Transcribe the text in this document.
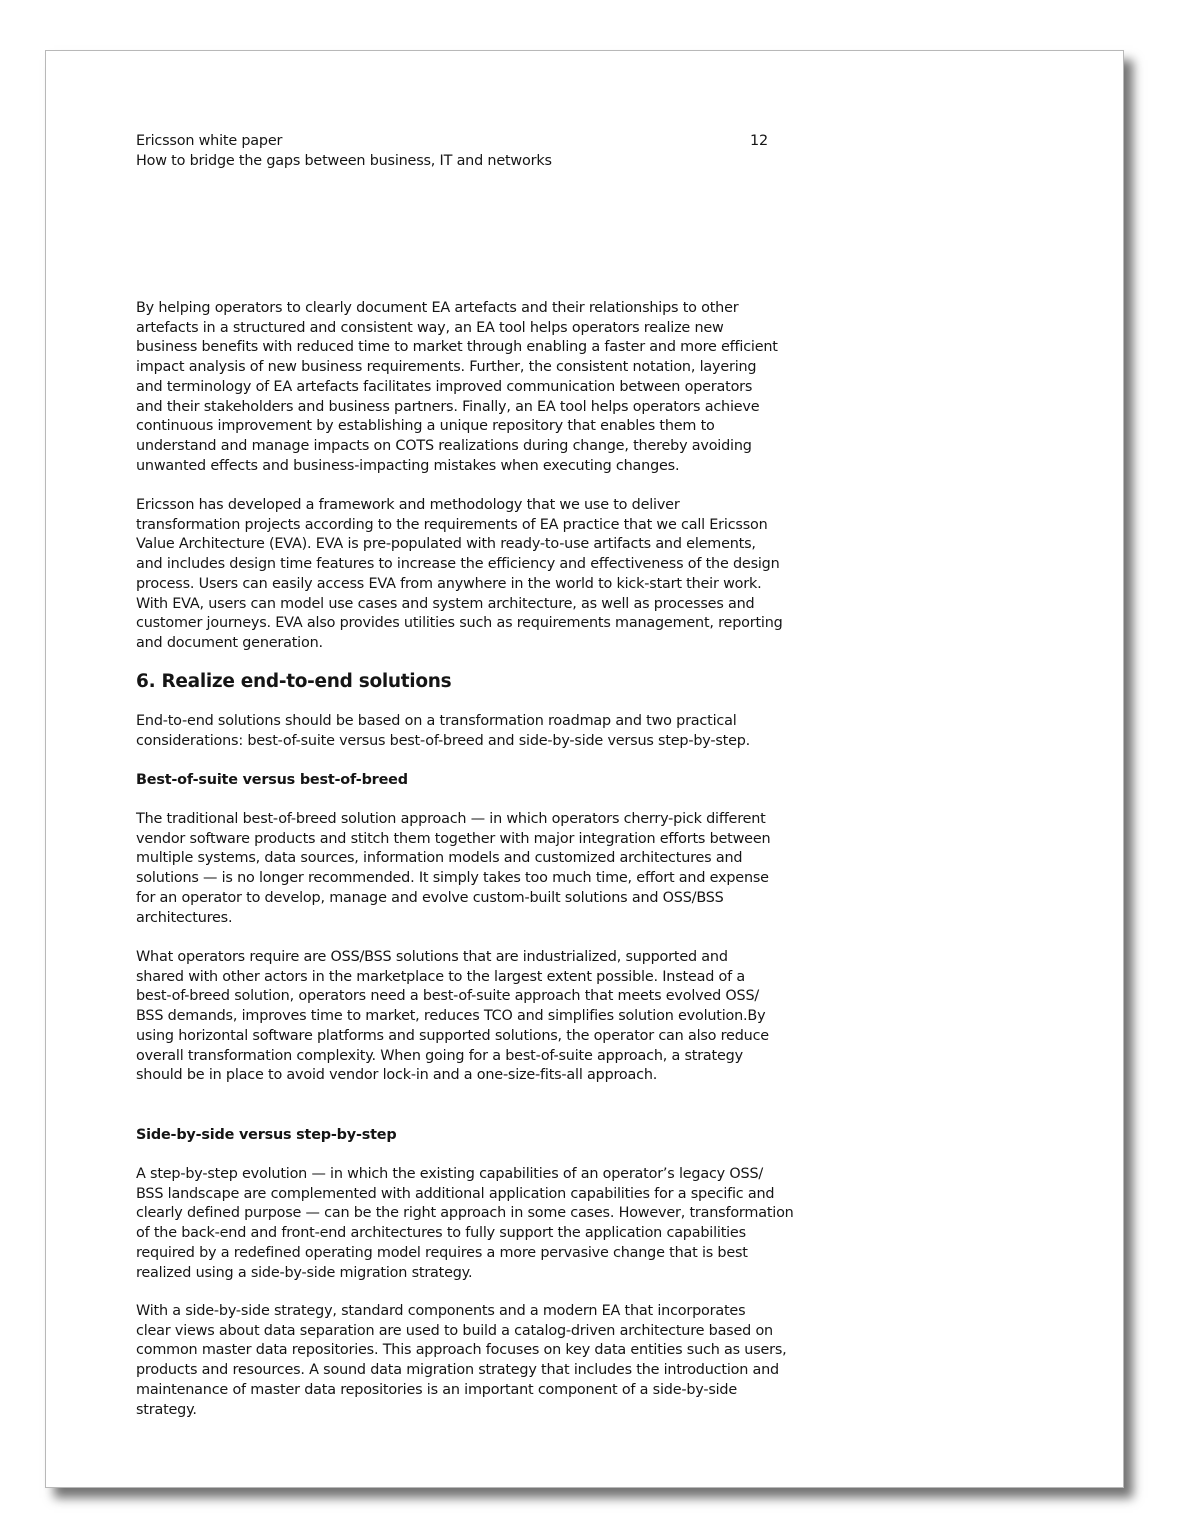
Ericsson white paper	12
How to bridge the gaps between business, IT and networks

By helping operators to clearly document EA artefacts and their relationships to other
artefacts in a structured and consistent way, an EA tool helps operators realize new
business benefits with reduced time to market through enabling a faster and more efficient
impact analysis of new business requirements. Further, the consistent notation, layering
and terminology of EA artefacts facilitates improved communication between operators
and their stakeholders and business partners. Finally, an EA tool helps operators achieve
continuous improvement by establishing a unique repository that enables them to
understand and manage impacts on COTS realizations during change, thereby avoiding
unwanted effects and business-impacting mistakes when executing changes.

Ericsson has developed a framework and methodology that we use to deliver
transformation projects according to the requirements of EA practice that we call Ericsson
Value Architecture (EVA). EVA is pre-populated with ready-to-use artifacts and elements,
and includes design time features to increase the efficiency and effectiveness of the design
process. Users can easily access EVA from anywhere in the world to kick-start their work.
With EVA, users can model use cases and system architecture, as well as processes and
customer journeys. EVA also provides utilities such as requirements management, reporting
and document generation.

6. Realize end-to-end solutions

End-to-end solutions should be based on a transformation roadmap and two practical
considerations: best-of-suite versus best-of-breed and side-by-side versus step-by-step.

Best-of-suite versus best-of-breed

The traditional best-of-breed solution approach — in which operators cherry-pick different
vendor software products and stitch them together with major integration efforts between
multiple systems, data sources, information models and customized architectures and
solutions — is no longer recommended. It simply takes too much time, effort and expense
for an operator to develop, manage and evolve custom-built solutions and OSS/BSS
architectures.

What operators require are OSS/BSS solutions that are industrialized, supported and
shared with other actors in the marketplace to the largest extent possible. Instead of a
best-of-breed solution, operators need a best-of-suite approach that meets evolved OSS/
BSS demands, improves time to market, reduces TCO and simplifies solution evolution.By
using horizontal software platforms and supported solutions, the operator can also reduce
overall transformation complexity. When going for a best-of-suite approach, a strategy
should be in place to avoid vendor lock-in and a one-size-fits-all approach.

Side-by-side versus step-by-step

A step-by-step evolution — in which the existing capabilities of an operator’s legacy OSS/
BSS landscape are complemented with additional application capabilities for a specific and
clearly defined purpose — can be the right approach in some cases. However, transformation
of the back-end and front-end architectures to fully support the application capabilities
required by a redefined operating model requires a more pervasive change that is best
realized using a side-by-side migration strategy.

With a side-by-side strategy, standard components and a modern EA that incorporates
clear views about data separation are used to build a catalog-driven architecture based on
common master data repositories. This approach focuses on key data entities such as users,
products and resources. A sound data migration strategy that includes the introduction and
maintenance of master data repositories is an important component of a side-by-side
strategy.
